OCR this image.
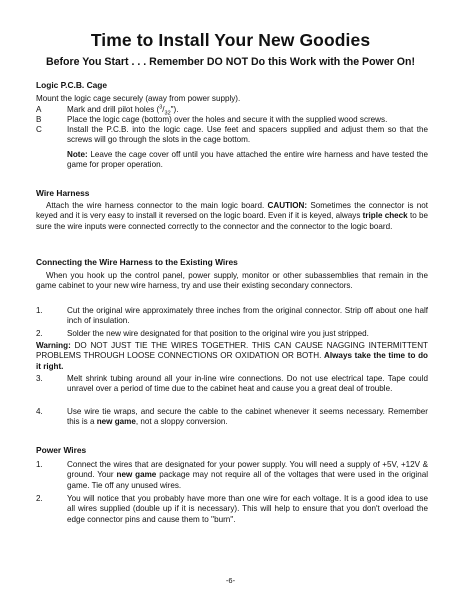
Time to Install Your New Goodies
Before You Start . . . Remember DO NOT Do this Work with the Power On!
Logic P.C.B. Cage
Mount the logic cage securely (away from power supply).
A	Mark and drill pilot holes $(^3/_{32}")$.
B	Place the logic cage (bottom) over the holes and secure it with the supplied wood screws.
C	Install the P.C.B. into the logic cage. Use feet and spacers supplied and adjust them so that the screws will go through the slots in the cage bottom.
Note: Leave the cage cover off until you have attached the entire wire harness and have tested the game for proper operation.
Wire Harness
Attach the wire harness connector to the main logic board. CAUTION: Sometimes the connector is not keyed and it is very easy to install it reversed on the logic board. Even if it is keyed, always triple check to be sure the wire inputs were connected correctly to the connector and the connector to the logic board.
Connecting the Wire Harness to the Existing Wires
When you hook up the control panel, power supply, monitor or other subassemblies that remain in the game cabinet to your new wire harness, try and use their existing secondary connectors.
1.	Cut the original wire approximately three inches from the original connector. Strip off about one half inch of insulation.
2.	Solder the new wire designated for that position to the original wire you just stripped.
Warning: DO NOT JUST TIE THE WIRES TOGETHER. THIS CAN CAUSE NAGGING INTERMITTENT PROBLEMS THROUGH LOOSE CONNECTIONS OR OXIDATION OR BOTH. Always take the time to do it right.
3.	Melt shrink tubing around all your in-line wire connections. Do not use electrical tape. Tape could unravel over a period of time due to the cabinet heat and cause you a great deal of trouble.
4.	Use wire tie wraps, and secure the cable to the cabinet whenever it seems necessary. Remember this is a new game, not a sloppy conversion.
Power Wires
1.	Connect the wires that are designated for your power supply. You will need a supply of +5V, +12V & ground. Your new game package may not require all of the voltages that were used in the original game. Tie off any unused wires.
2.	You will notice that you probably have more than one wire for each voltage. It is a good idea to use all wires supplied (double up if it is necessary). This will help to ensure that you don't overload the edge connector pins and cause them to ''burn''.
-6-
